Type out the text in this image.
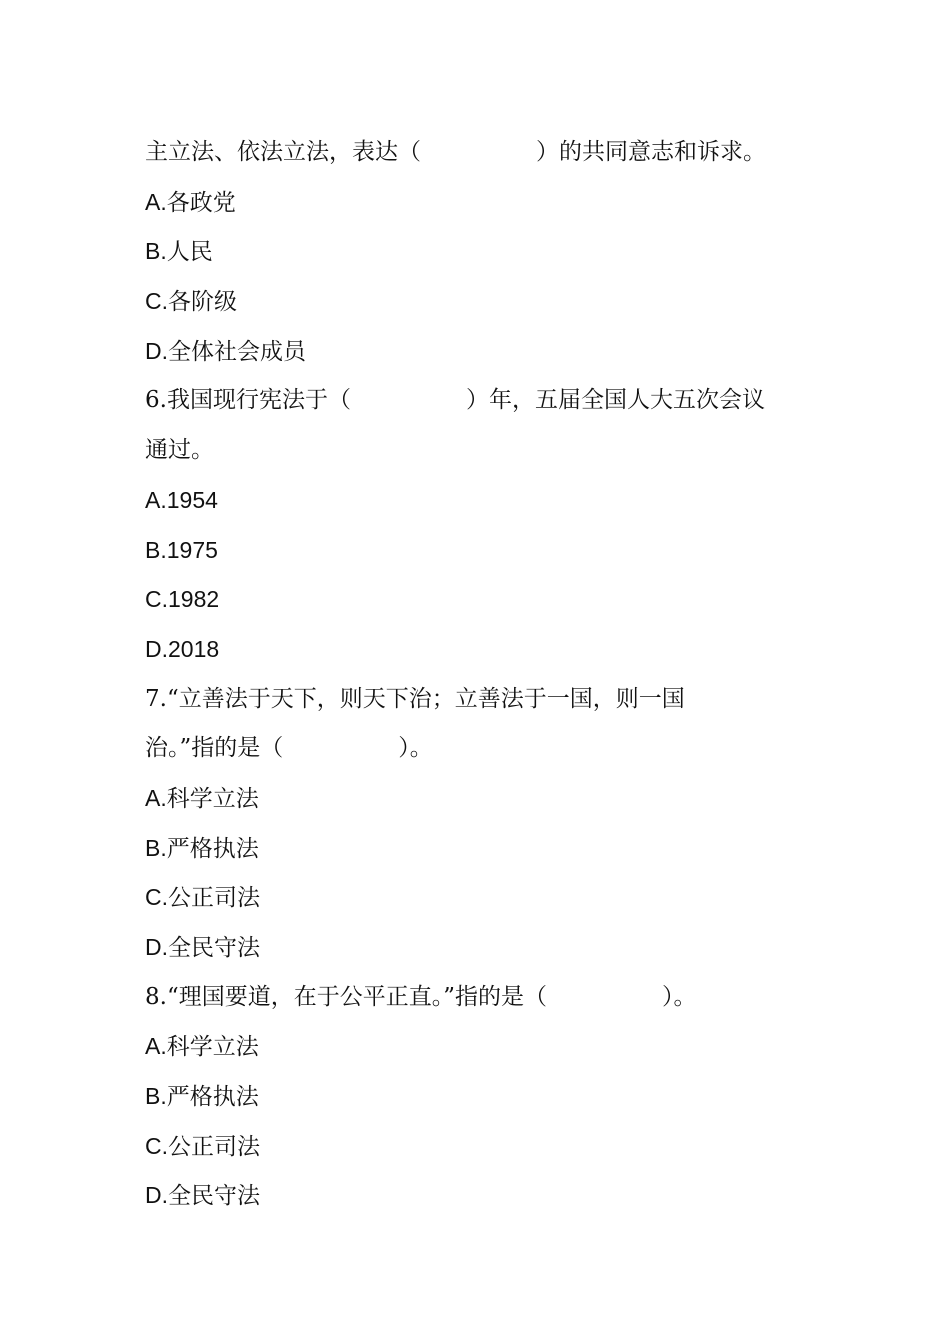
主立法、依法立法，表达（　　　　　）的共同意志和诉求。
A.各政党
B.人民
C.各阶级
D.全体社会成员
6.我国现行宪法于（　　　　　）年，五届全国人大五次会议
通过。
A.1954
B.1975
C.1982
D.2018
7.“立善法于天下，则天下治；立善法于一国，则一国
治。”指的是（　　　　　）。
A.科学立法
B.严格执法
C.公正司法
D.全民守法
8.“理国要道，在于公平正直。”指的是（　　　　　）。
A.科学立法
B.严格执法
C.公正司法
D.全民守法
